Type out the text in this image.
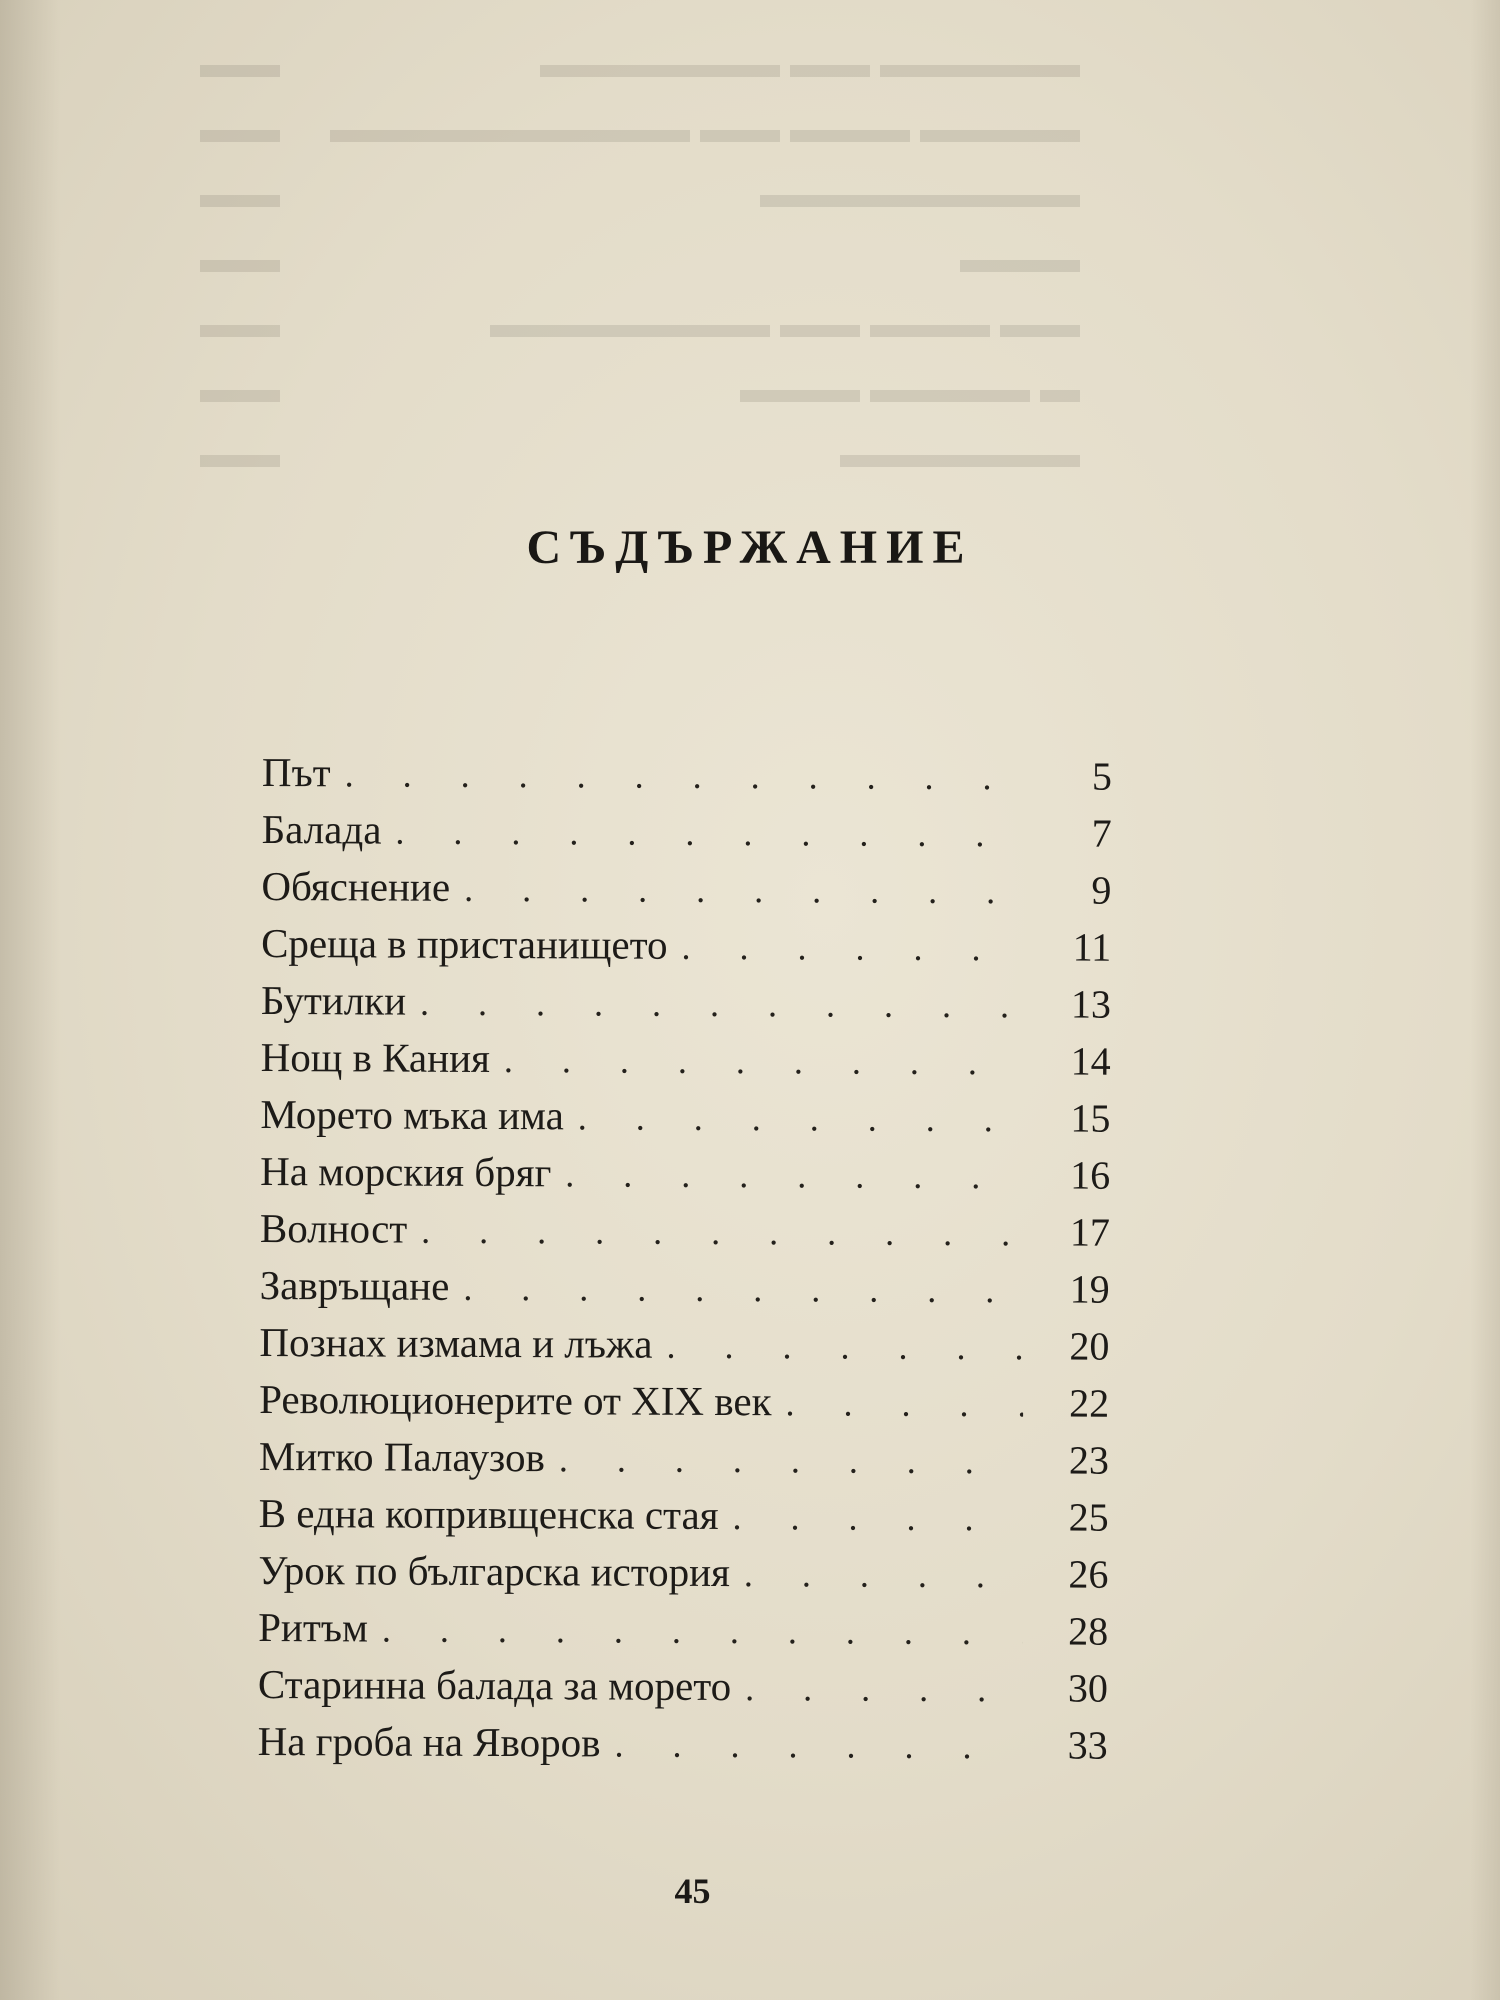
▬▬▬▬▬ ▬▬ ▬▬▬▬▬▬
▬▬
▬▬▬▬ ▬▬▬ ▬▬ ▬▬▬▬▬▬▬▬▬
▬▬
▬▬▬▬▬▬▬▬
▬▬
▬▬▬
▬▬
▬▬ ▬▬▬ ▬▬ ▬▬▬▬▬▬▬
▬▬
▬ ▬▬▬▬ ▬▬▬
▬▬
▬▬▬▬▬▬
▬▬
СЪДЪРЖАНИЕ
Път . . .	5
Балада . . .	7
Обяснение . . .	9
Среща в пристанището . . .	11
Бутилки . . .	13
Нощ в Кания . . .	14
Морето мъка има . . .	15
На морския бряг . . .	16
Волност . . .	17
Завръщане . . .	19
Познах измама и лъжа . . .	20
Революционерите от XIX век . . .	22
Митко Палаузов . . .	23
В една копривщенска стая . . .	25
Урок по българска история . . .	26
Ритъм . . .	28
Старинна балада за морето . . .	30
На гроба на Яворов . . .	33
45
